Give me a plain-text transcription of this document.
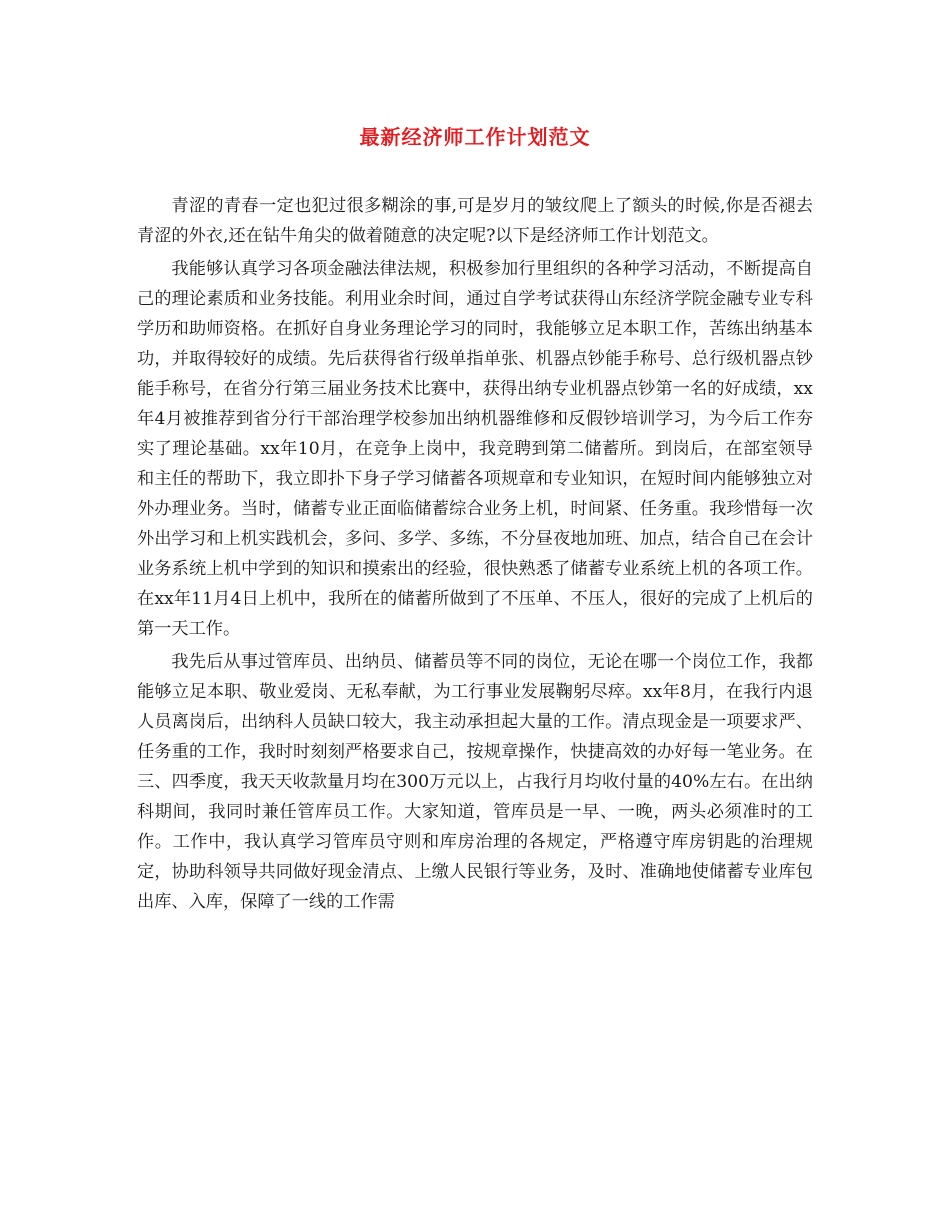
最新经济师工作计划范文

青涩的青春一定也犯过很多糊涂的事,可是岁月的皱纹爬上了额头的时候,你是否褪去青涩的外衣,还在钻牛角尖的做着随意的决定呢?以下是经济师工作计划范文。

我能够认真学习各项金融法律法规，积极参加行里组织的各种学习活动，不断提高自己的理论素质和业务技能。利用业余时间，通过自学考试获得山东经济学院金融专业专科学历和助师资格。在抓好自身业务理论学习的同时，我能够立足本职工作，苦练出纳基本功，并取得较好的成绩。先后获得省行级单指单张、机器点钞能手称号、总行级机器点钞能手称号，在省分行第三届业务技术比赛中，获得出纳专业机器点钞第一名的好成绩，xx年4月被推荐到省分行干部治理学校参加出纳机器维修和反假钞培训学习，为今后工作夯实了理论基础。xx年10月，在竞争上岗中，我竞聘到第二储蓄所。到岗后，在部室领导和主任的帮助下，我立即扑下身子学习储蓄各项规章和专业知识，在短时间内能够独立对外办理业务。当时，储蓄专业正面临储蓄综合业务上机，时间紧、任务重。我珍惜每一次外出学习和上机实践机会，多问、多学、多练，不分昼夜地加班、加点，结合自己在会计业务系统上机中学到的知识和摸索出的经验，很快熟悉了储蓄专业系统上机的各项工作。在xx年11月4日上机中，我所在的储蓄所做到了不压单、不压人，很好的完成了上机后的第一天工作。

我先后从事过管库员、出纳员、储蓄员等不同的岗位，无论在哪一个岗位工作，我都能够立足本职、敬业爱岗、无私奉献，为工行事业发展鞠躬尽瘁。xx年8月，在我行内退人员离岗后，出纳科人员缺口较大，我主动承担起大量的工作。清点现金是一项要求严、任务重的工作，我时时刻刻严格要求自己，按规章操作，快捷高效的办好每一笔业务。在三、四季度，我天天收款量月均在300万元以上，占我行月均收付量的40%左右。在出纳科期间，我同时兼任管库员工作。大家知道，管库员是一早、一晚，两头必须准时的工作。工作中，我认真学习管库员守则和库房治理的各规定，严格遵守库房钥匙的治理规定，协助科领导共同做好现金清点、上缴人民银行等业务，及时、准确地使储蓄专业库包出库、入库，保障了一线的工作需
